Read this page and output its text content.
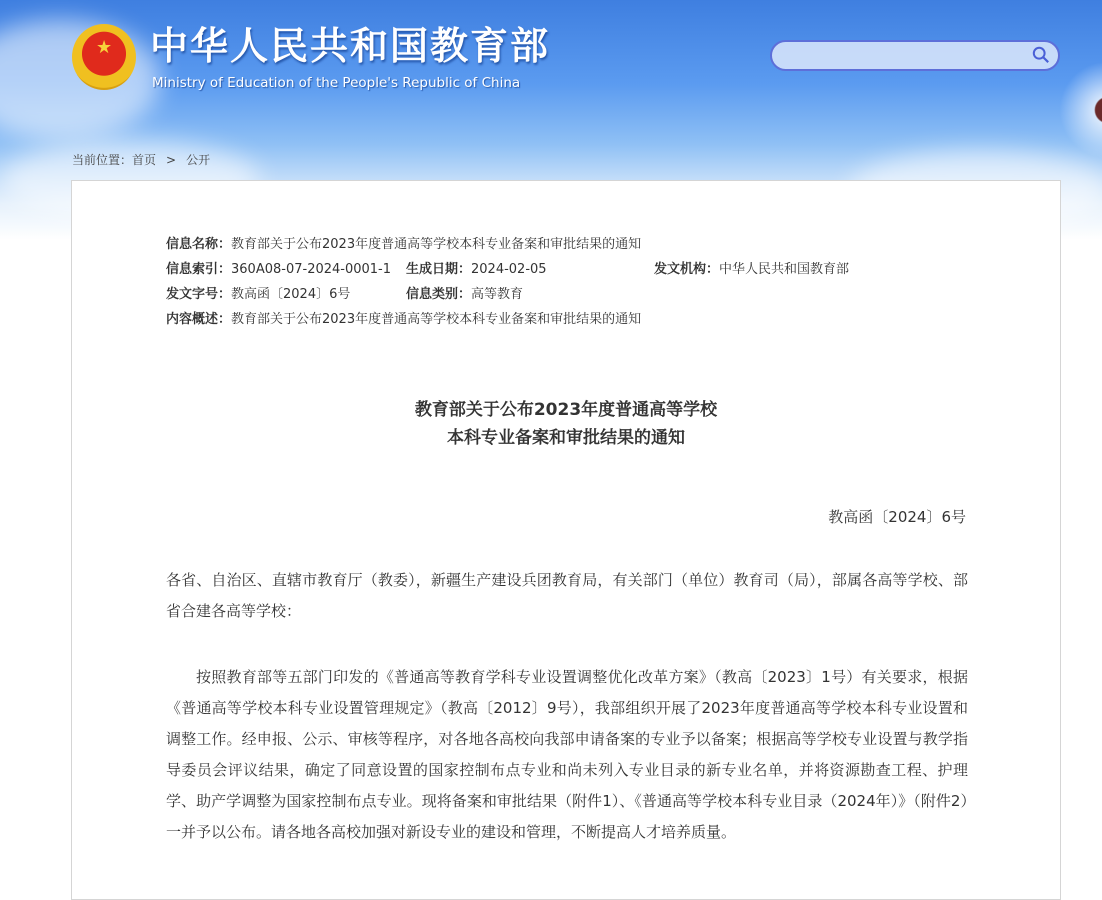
★ 中华人民共和国教育部
Ministry of Education of the People's Republic of China
当前位置： 首页 > 公开
信息名称： 教育部关于公布2023年度普通高等学校本科专业备案和审批结果的通知
信息索引： 360A08-07-2024-0001-1 生成日期： 2024-02-05	发文机构： 中华人民共和国教育部
发文字号： 教高函〔2024〕6号	信息类别： 高等教育
内容概述： 教育部关于公布2023年度普通高等学校本科专业备案和审批结果的通知
教育部关于公布2023年度普通高等学校
本科专业备案和审批结果的通知
教高函〔2024〕6号
各省、自治区、直辖市教育厅（教委），新疆生产建设兵团教育局，有关部门（单位）教育司（局），部属各高等学校、部省合建各高等学校：
按照教育部等五部门印发的《普通高等教育学科专业设置调整优化改革方案》（教高〔2023〕1号）有关要求，根据《普通高等学校本科专业设置管理规定》（教高〔2012〕9号），我部组织开展了2023年度普通高等学校本科专业设置和调整工作。经申报、公示、审核等程序，对各地各高校向我部申请备案的专业予以备案；根据高等学校专业设置与教学指导委员会评议结果，确定了同意设置的国家控制布点专业和尚未列入专业目录的新专业名单，并将资源勘查工程、护理学、助产学调整为国家控制布点专业。现将备案和审批结果（附件1）、《普通高等学校本科专业目录（2024年）》（附件2）一并予以公布。请各地各高校加强对新设专业的建设和管理，不断提高人才培养质量。
